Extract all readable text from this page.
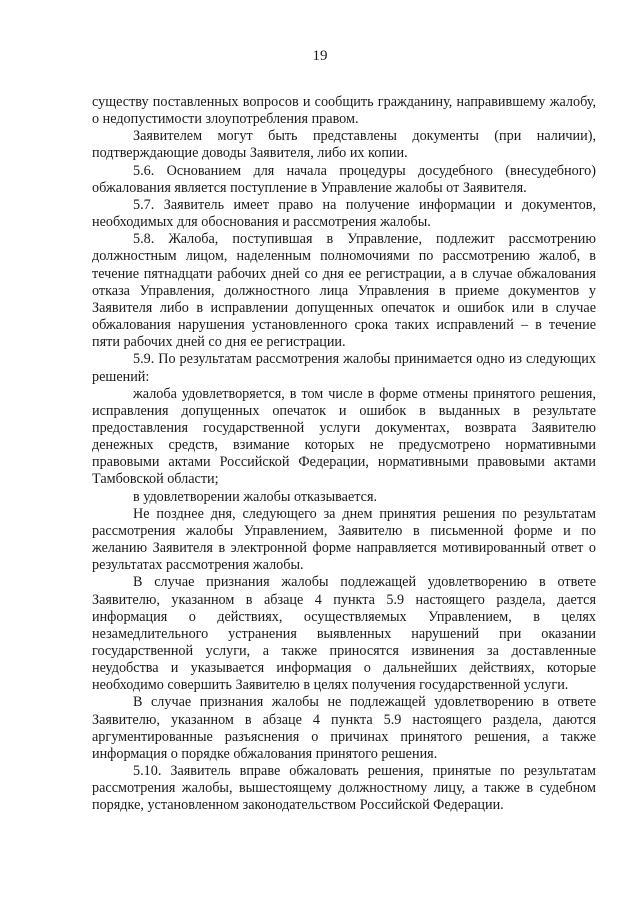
19

существу поставленных вопросов и сообщить гражданину, направившему жалобу, о недопустимости злоупотребления правом.

Заявителем могут быть представлены документы (при наличии), подтверждающие доводы Заявителя, либо их копии.

5.6. Основанием для начала процедуры досудебного (внесудебного) обжалования является поступление в Управление жалобы от Заявителя.

5.7. Заявитель имеет право на получение информации и документов, необходимых для обоснования и рассмотрения жалобы.

5.8. Жалоба, поступившая в Управление, подлежит рассмотрению должностным лицом, наделенным полномочиями по рассмотрению жалоб, в течение пятнадцати рабочих дней со дня ее регистрации, а в случае обжалования отказа Управления, должностного лица Управления в приеме документов у Заявителя либо в исправлении допущенных опечаток и ошибок или в случае обжалования нарушения установленного срока таких исправлений – в течение пяти рабочих дней со дня ее регистрации.

5.9. По результатам рассмотрения жалобы принимается одно из следующих решений:

жалоба удовлетворяется, в том числе в форме отмены принятого решения, исправления допущенных опечаток и ошибок в выданных в результате предоставления государственной услуги документах, возврата Заявителю денежных средств, взимание которых не предусмотрено нормативными правовыми актами Российской Федерации, нормативными правовыми актами Тамбовской области;

в удовлетворении жалобы отказывается.

Не позднее дня, следующего за днем принятия решения по результатам рассмотрения жалобы Управлением, Заявителю в письменной форме и по желанию Заявителя в электронной форме направляется мотивированный ответ о результатах рассмотрения жалобы.

В случае признания жалобы подлежащей удовлетворению в ответе Заявителю, указанном в абзаце 4 пункта 5.9 настоящего раздела, дается информация о действиях, осуществляемых Управлением, в целях незамедлительного устранения выявленных нарушений при оказании государственной услуги, а также приносятся извинения за доставленные неудобства и указывается информация о дальнейших действиях, которые необходимо совершить Заявителю в целях получения государственной услуги.

В случае признания жалобы не подлежащей удовлетворению в ответе Заявителю, указанном в абзаце 4 пункта 5.9 настоящего раздела, даются аргументированные разъяснения о причинах принятого решения, а также информация о порядке обжалования принятого решения.

5.10. Заявитель вправе обжаловать решения, принятые по результатам рассмотрения жалобы, вышестоящему должностному лицу, а также в судебном порядке, установленном законодательством Российской Федерации.
